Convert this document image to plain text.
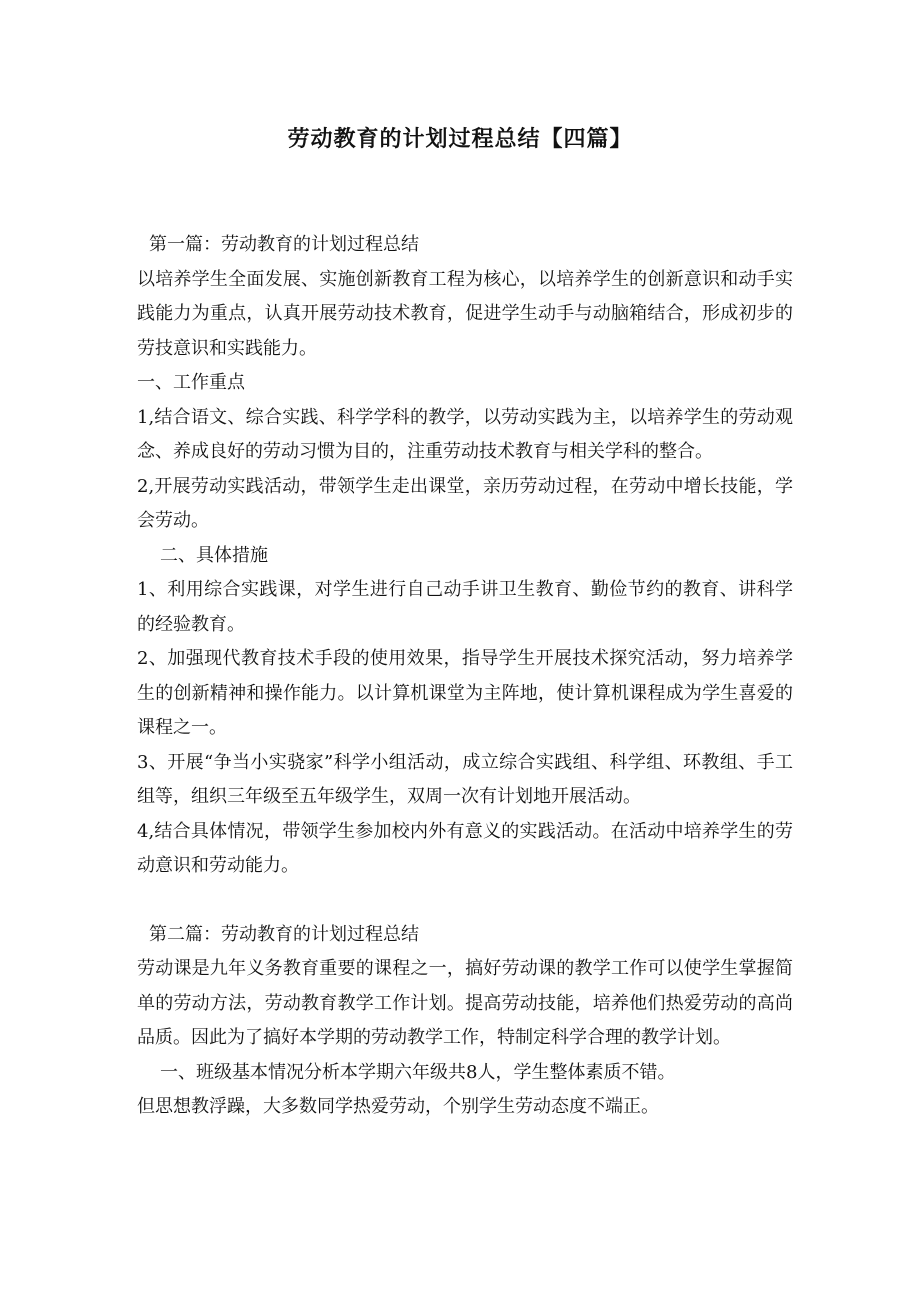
劳动教育的计划过程总结【四篇】

第一篇：劳动教育的计划过程总结

以培养学生全面发展、实施创新教育工程为核心，以培养学生的创新意识和动手实践能力为重点，认真开展劳动技术教育，促进学生动手与动脑箱结合，形成初步的劳技意识和实践能力。

一、工作重点

1,结合语文、综合实践、科学学科的教学，以劳动实践为主，以培养学生的劳动观念、养成良好的劳动习惯为目的，注重劳动技术教育与相关学科的整合。

2,开展劳动实践活动，带领学生走出课堂，亲历劳动过程，在劳动中增长技能，学会劳动。

二、具体措施

1、利用综合实践课，对学生进行自己动手讲卫生教育、勤俭节约的教育、讲科学的经验教育。

2、加强现代教育技术手段的使用效果，指导学生开展技术探究活动，努力培养学生的创新精神和操作能力。以计算机课堂为主阵地，使计算机课程成为学生喜爱的课程之一。

3、开展“争当小实骁家”科学小组活动，成立综合实践组、科学组、环教组、手工组等，组织三年级至五年级学生，双周一次有计划地开展活动。

4,结合具体情况，带领学生参加校内外有意义的实践活动。在活动中培养学生的劳动意识和劳动能力。

第二篇：劳动教育的计划过程总结

劳动课是九年义务教育重要的课程之一，搞好劳动课的教学工作可以使学生掌握简单的劳动方法，劳动教育教学工作计划。提高劳动技能，培养他们热爱劳动的高尚品质。因此为了搞好本学期的劳动教学工作，特制定科学合理的教学计划。

一、班级基本情况分析本学期六年级共8人，学生整体素质不错。

但思想教浮躁，大多数同学热爱劳动，个别学生劳动态度不端正。
